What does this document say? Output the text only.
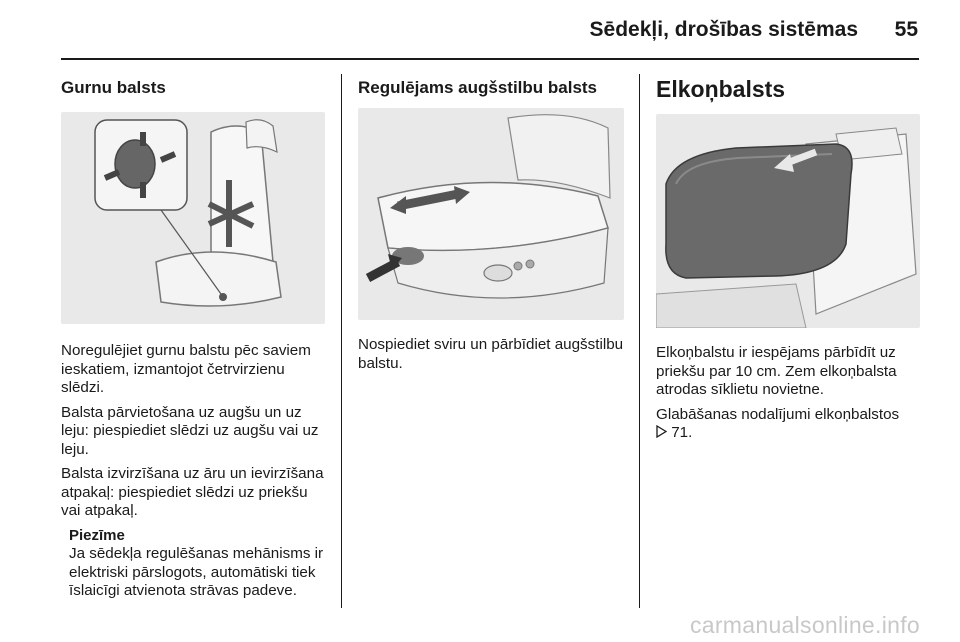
Sēdekļi, drošības sistēmas 55
Gurnu balsts

Noregulējiet gurnu balstu pēc saviem ieskatiem, izmantojot četrvirzienu slēdzi.

Balsta pārvietošana uz augšu un uz leju: piespiediet slēdzi uz augšu vai uz leju.

Balsta izvirzīšana uz āru un ievirzīšana atpakaļ: piespiediet slēdzi uz priekšu vai atpakaļ.

Piezīme
Ja sēdekļa regulēšanas mehānisms ir elektriski pārslogots, automātiski tiek īslaicīgi atvienota strāvas padeve.
Regulējams augšstilbu balsts

Nospiediet sviru un pārbīdiet augšstilbu balstu.

Elkoņbalsts

Elkoņbalstu ir iespējams pārbīdīt uz priekšu par 10 cm. Zem elkoņbalsta atrodas sīklietu novietne.

Glabāšanas nodalījumi elkoņbalstos
71.

carmanualsonline.info
